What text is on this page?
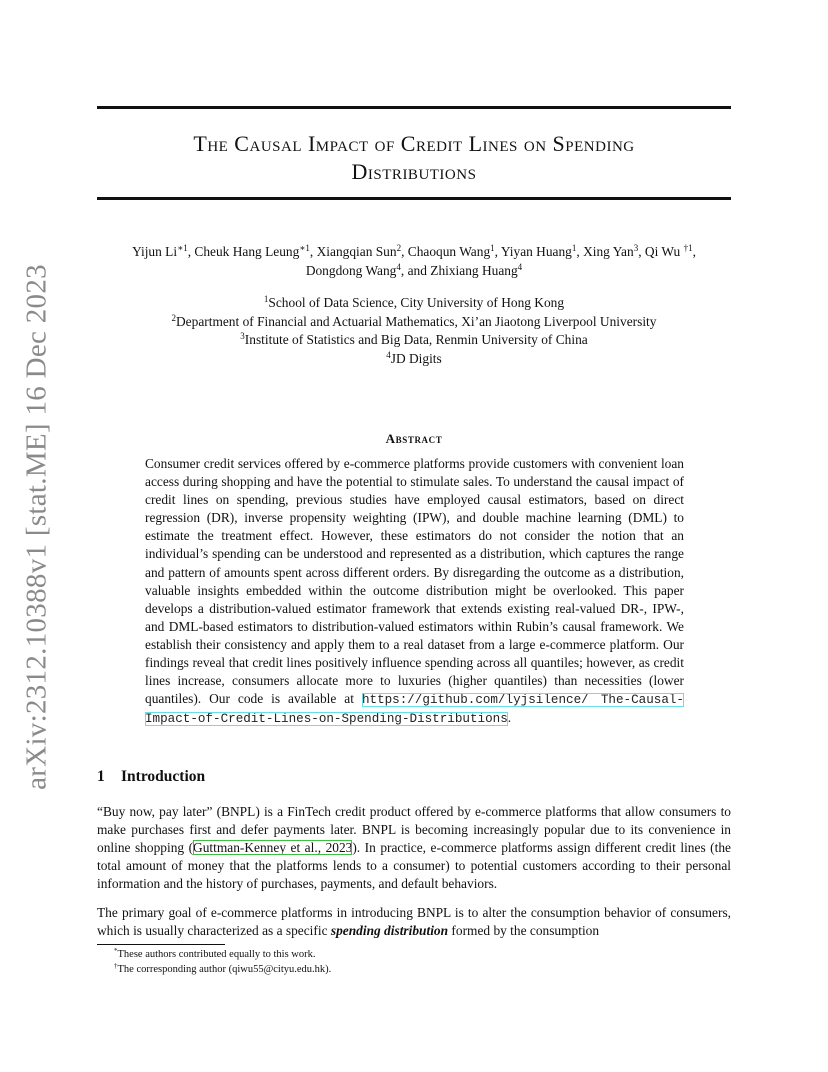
arXiv:2312.10388v1 [stat.ME] 16 Dec 2023
The Causal Impact of Credit Lines on Spending
Distributions
Yijun $Li^{∗1}$, Cheuk Hang Leung$^{∗1}$, Xiangqian Sun$^2$, Chaoqun Wang$^1$, Yiyan Huang$^1$, Xing Yan$^3$, Qi Wu $^{\dagger 1}$,
Dongdong Wang$^4$, and Zhixiang Huang$^4$
$^1$School of Data Science, City University of Hong Kong
$^2$Department of Financial and Actuarial Mathematics, Xi’an Jiaotong Liverpool University
$^3$Institute of Statistics and Big Data, Renmin University of China
$^4$JD Digits
Abstract
Consumer credit services offered by e-commerce platforms provide customers with convenient loan access during shopping and have the potential to stimulate sales. To understand the causal impact of credit lines on spending, previous studies have employed causal estimators, based on direct regression (DR), inverse propensity weighting (IPW), and double machine learning (DML) to estimate the treatment effect. However, these estimators do not consider the notion that an individual’s spending can be understood and represented as a distribution, which captures the range and pattern of amounts spent across different orders. By disregarding the outcome as a distribution, valuable insights embedded within the outcome distribution might be overlooked. This paper develops a distribution-valued estimator framework that extends existing real-valued DR-, IPW-, and DML-based estimators to distribution-valued estimators within Rubin’s causal framework. We establish their consistency and apply them to a real dataset from a large e-commerce platform. Our findings reveal that credit lines positively influence spending across all quantiles; however, as credit lines increase, consumers allocate more to luxuries (higher quantiles) than necessities (lower quantiles). Our code is available at https://github.com/lyjsilence/ The-Causal-Impact-of-Credit-Lines-on-Spending-Distributions.
1 Introduction
“Buy now, pay later” (BNPL) is a FinTech credit product offered by e-commerce platforms that allow consumers to make purchases first and defer payments later. BNPL is becoming increasingly popular due to its convenience in online shopping (Guttman-Kenney et al., 2023). In practice, e-commerce platforms assign different credit lines (the total amount of money that the platforms lends to a consumer) to potential customers according to their personal information and the history of purchases, payments, and default behaviors.
The primary goal of e-commerce platforms in introducing BNPL is to alter the consumption behavior of consumers, which is usually characterized as a specific spending distribution formed by the consumption
*These authors contributed equally to this work.
†The corresponding author (qiwu55@cityu.edu.hk).
